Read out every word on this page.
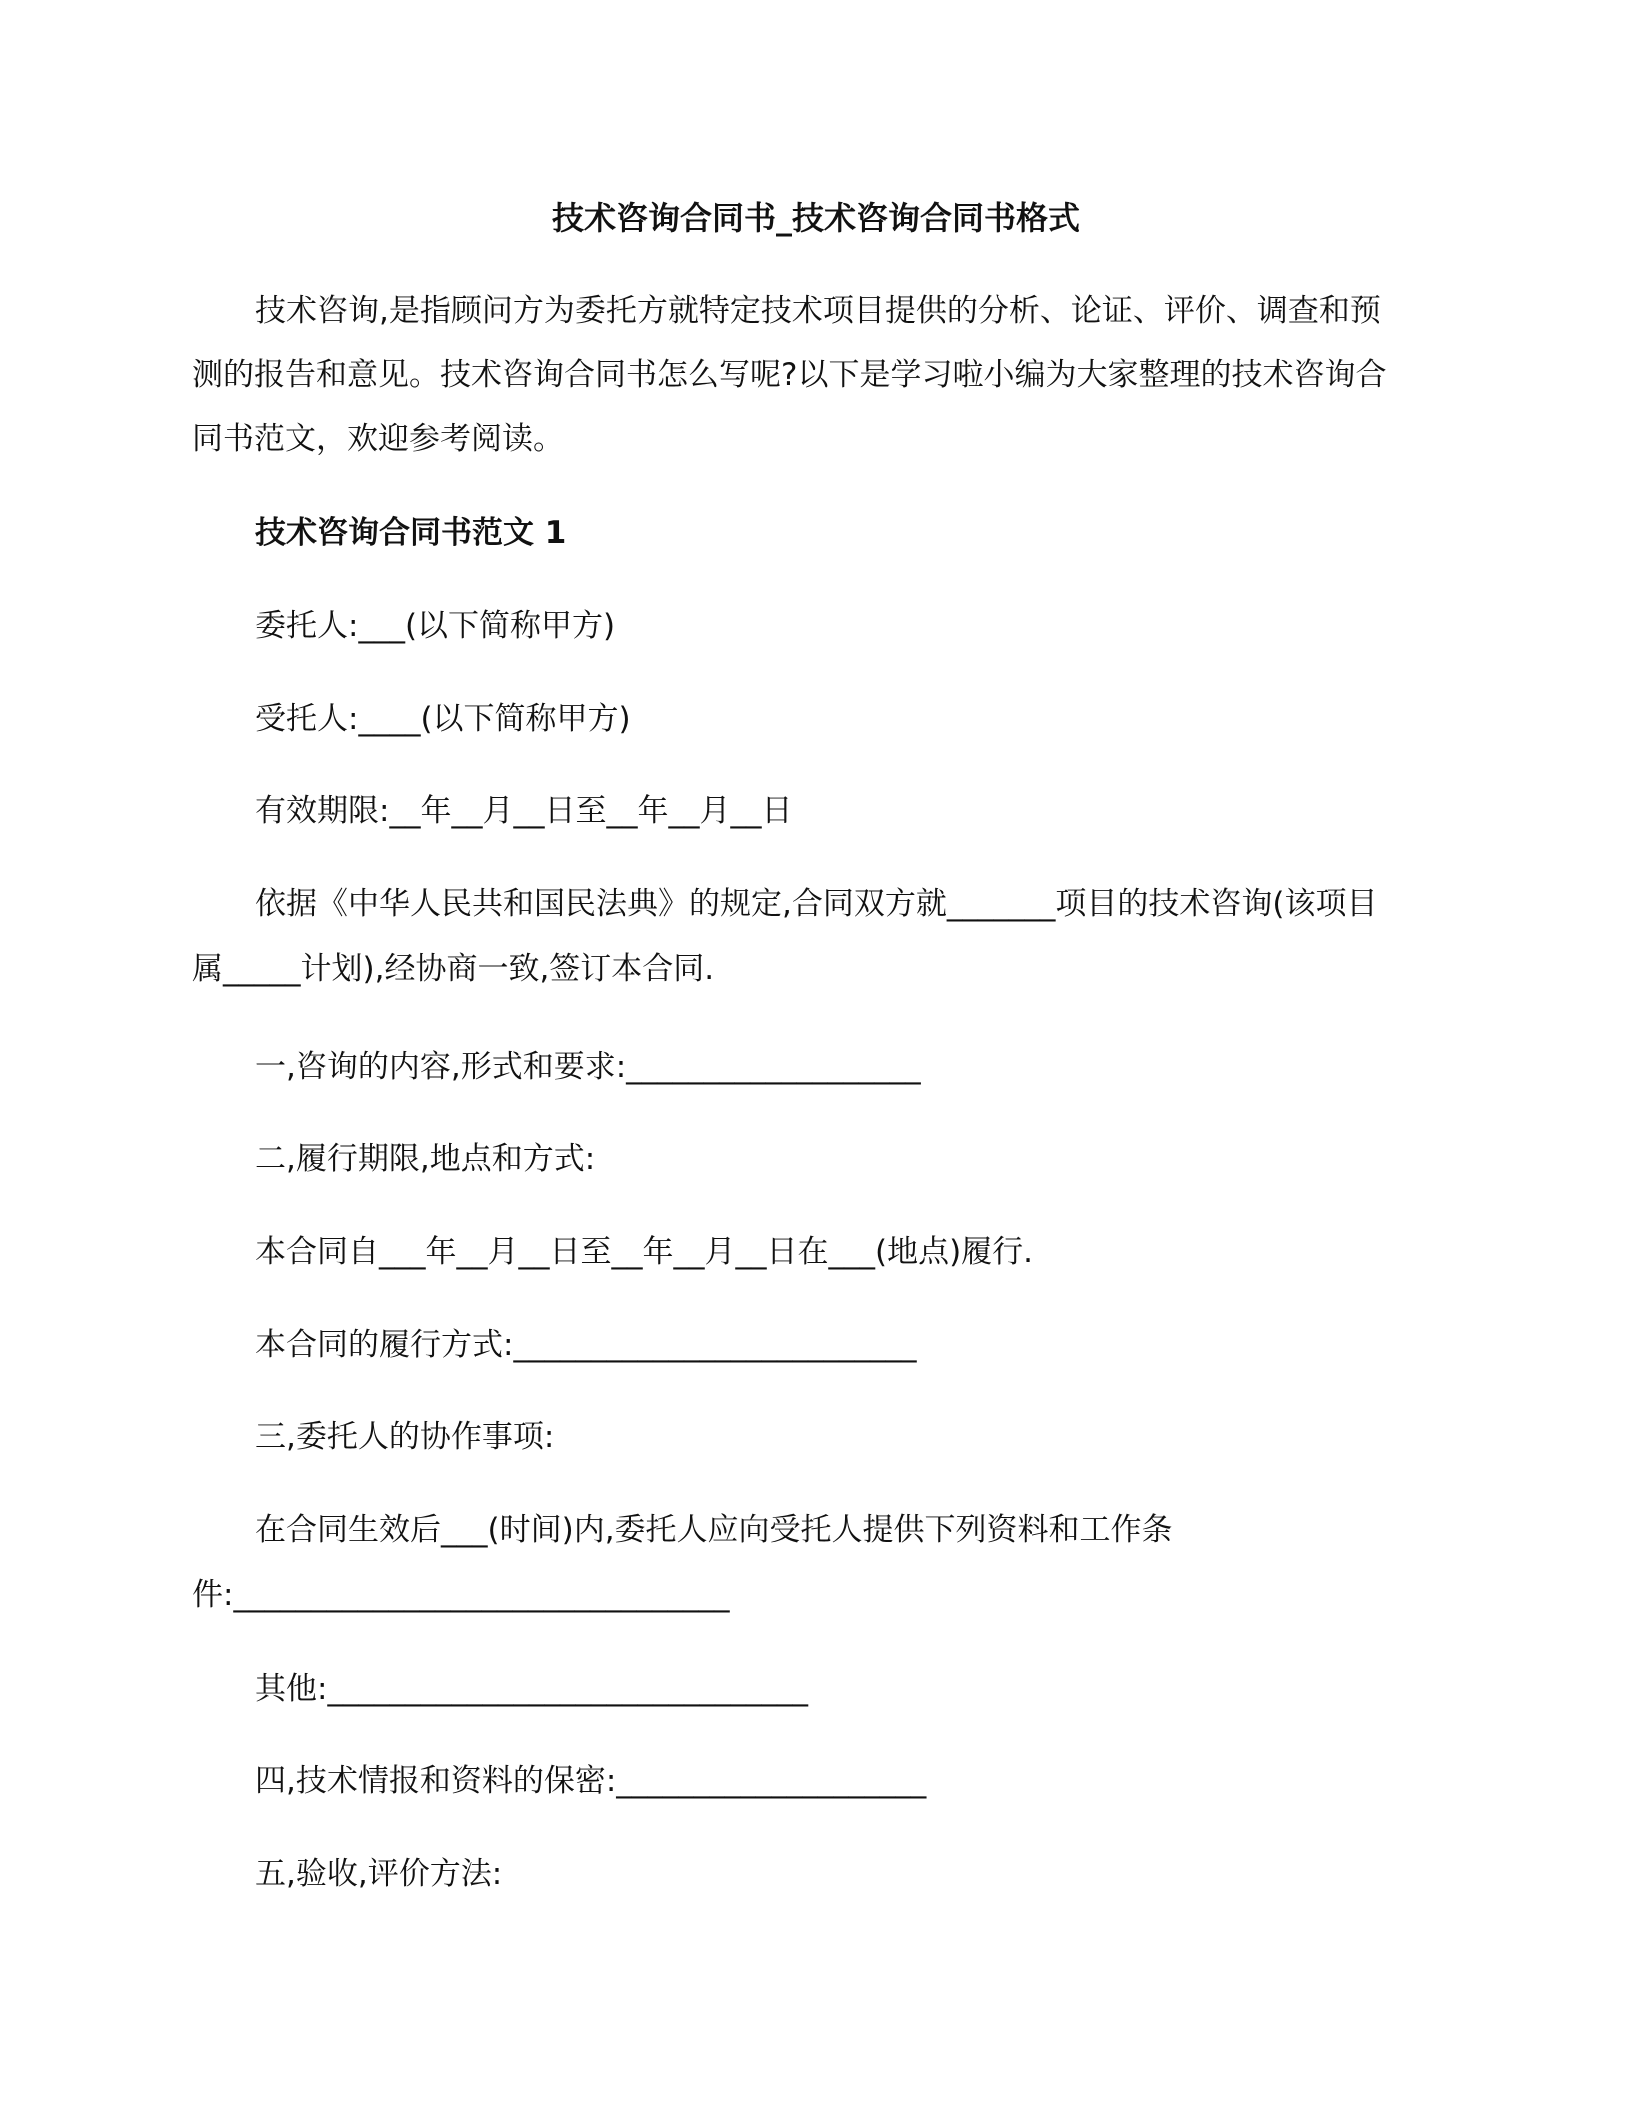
技术咨询合同书_技术咨询合同书格式
技术咨询,是指顾问方为委托方就特定技术项目提供的分析、论证、评价、调查和预
测的报告和意见。技术咨询合同书怎么写呢?以下是学习啦小编为大家整理的技术咨询合
同书范文，欢迎参考阅读。
技术咨询合同书范文 1
委托人:___(以下简称甲方)
受托人:____(以下简称甲方)
有效期限:__年__月__日至__年__月__日
依据《中华人民共和国民法典》的规定,合同双方就_______项目的技术咨询(该项目
属_____计划),经协商一致,签订本合同.
一,咨询的内容,形式和要求:___________________
二,履行期限,地点和方式:
本合同自___年__月__日至__年__月__日在___(地点)履行.
本合同的履行方式:__________________________
三,委托人的协作事项:
在合同生效后___(时间)内,委托人应向受托人提供下列资料和工作条
件:________________________________
其他:_______________________________
四,技术情报和资料的保密:____________________
五,验收,评价方法:
